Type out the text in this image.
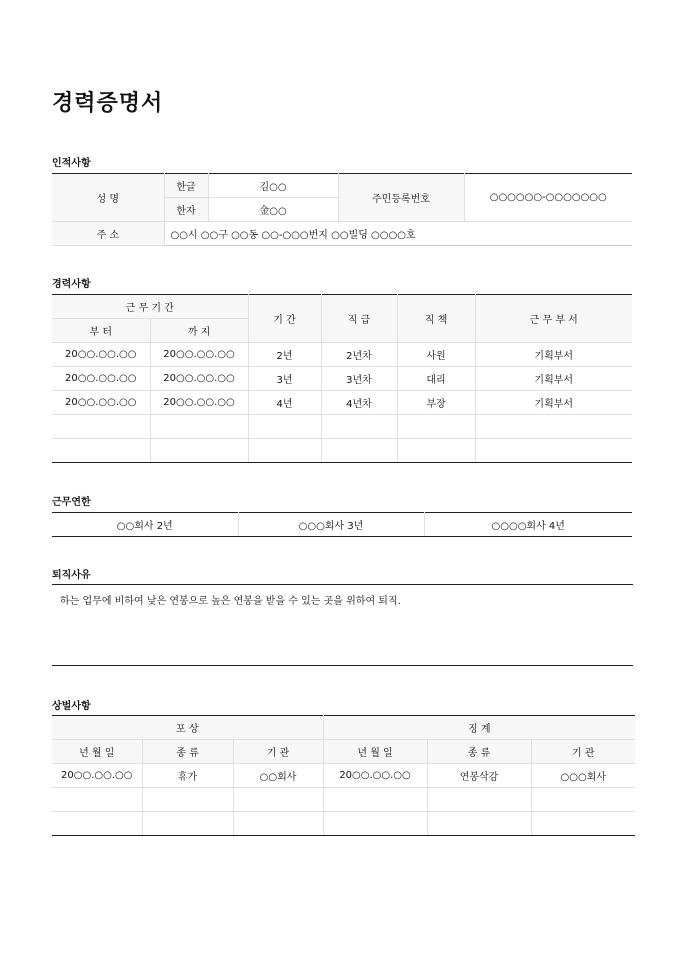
경력증명서
인적사항
성 명	한글	김○○	주민등록번호	○○○○○○-○○○○○○○
	한자	金○○		
주 소	○○시 ○○구 ○○동 ○○-○○○번지 ○○빌딩 ○○○○호			
경력사항
근 무 기 간		기 간	직 급	직 책	근 무 부 서
부 터	까 지				
20○○.○○.○○	20○○.○○.○○	2년	2년차	사원	기획부서
20○○.○○.○○	20○○.○○.○○	3년	3년차	대리	기획부서
20○○.○○.○○	20○○.○○.○○	4년	4년차	부장	기획부서

근무연한
○○회사 2년	○○○회사 3년	○○○○회사 4년
퇴직사유
하는 업무에 비하여 낮은 연봉으로 높은 연봉을 받을 수 있는 곳을 위하여 퇴직.
상벌사항
포 상			징 계		
년 월 일	종 류	기 관	년 월 일	종 류	기 관
20○○.○○.○○	휴가	○○회사	20○○.○○.○○	연봉삭감	○○○회사
